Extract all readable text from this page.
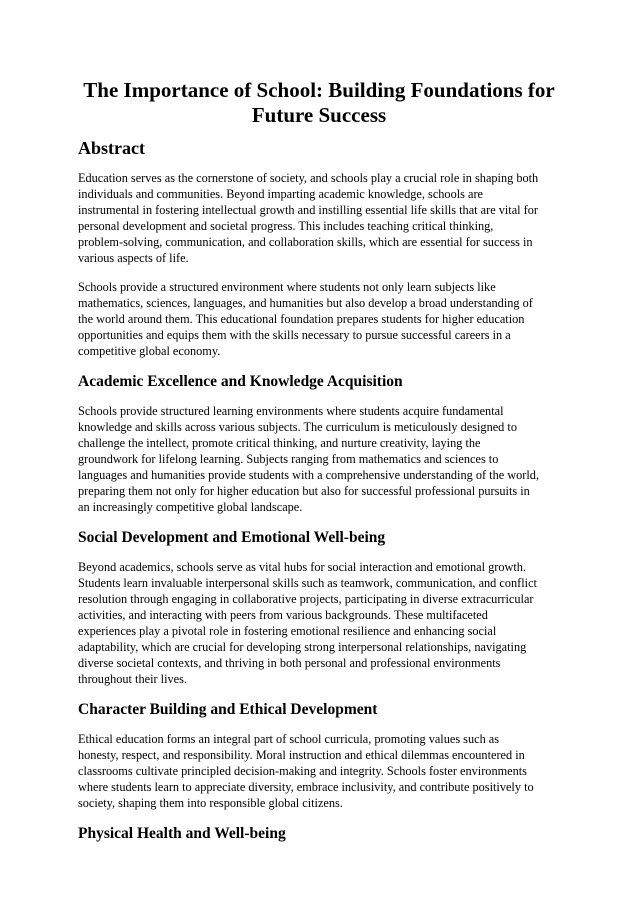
The Importance of School: Building Foundations for
Future Success
Abstract

Education serves as the cornerstone of society, and schools play a crucial role in shaping both
individuals and communities. Beyond imparting academic knowledge, schools are
instrumental in fostering intellectual growth and instilling essential life skills that are vital for
personal development and societal progress. This includes teaching critical thinking,
problem-solving, communication, and collaboration skills, which are essential for success in
various aspects of life.

Schools provide a structured environment where students not only learn subjects like
mathematics, sciences, languages, and humanities but also develop a broad understanding of
the world around them. This educational foundation prepares students for higher education
opportunities and equips them with the skills necessary to pursue successful careers in a
competitive global economy.

Academic Excellence and Knowledge Acquisition

Schools provide structured learning environments where students acquire fundamental
knowledge and skills across various subjects. The curriculum is meticulously designed to
challenge the intellect, promote critical thinking, and nurture creativity, laying the
groundwork for lifelong learning. Subjects ranging from mathematics and sciences to
languages and humanities provide students with a comprehensive understanding of the world,
preparing them not only for higher education but also for successful professional pursuits in
an increasingly competitive global landscape.

Social Development and Emotional Well-being

Beyond academics, schools serve as vital hubs for social interaction and emotional growth.
Students learn invaluable interpersonal skills such as teamwork, communication, and conflict
resolution through engaging in collaborative projects, participating in diverse extracurricular
activities, and interacting with peers from various backgrounds. These multifaceted
experiences play a pivotal role in fostering emotional resilience and enhancing social
adaptability, which are crucial for developing strong interpersonal relationships, navigating
diverse societal contexts, and thriving in both personal and professional environments
throughout their lives.

Character Building and Ethical Development

Ethical education forms an integral part of school curricula, promoting values such as
honesty, respect, and responsibility. Moral instruction and ethical dilemmas encountered in
classrooms cultivate principled decision-making and integrity. Schools foster environments
where students learn to appreciate diversity, embrace inclusivity, and contribute positively to
society, shaping them into responsible global citizens.

Physical Health and Well-being
